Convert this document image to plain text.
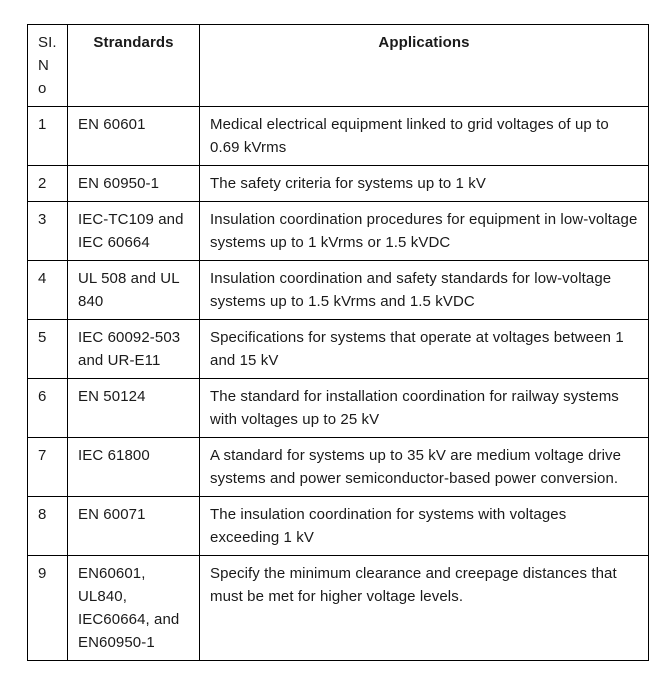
SI. No	Strandards	Applications
1	EN 60601	Medical electrical equipment linked to grid voltages of up to 0.69 kVrms
2	EN 60950-1	The safety criteria for systems up to 1 kV
3	IEC-TC109 and IEC 60664	Insulation coordination procedures for equipment in low-voltage systems up to 1 kVrms or 1.5 kVDC
4	UL 508 and UL 840	Insulation coordination and safety standards for low-voltage systems up to 1.5 kVrms and 1.5 kVDC
5	IEC 60092-503 and UR-E11	Specifications for systems that operate at voltages between 1 and 15 kV
6	EN 50124	The standard for installation coordination for railway systems with voltages up to 25 kV
7	IEC 61800	A standard for systems up to 35 kV are medium voltage drive systems and power semiconductor-based power conversion.
8	EN 60071	The insulation coordination for systems with voltages exceeding 1 kV
9	EN60601, UL840, IEC60664, and EN60950-1	Specify the minimum clearance and creepage distances that must be met for higher voltage levels.
